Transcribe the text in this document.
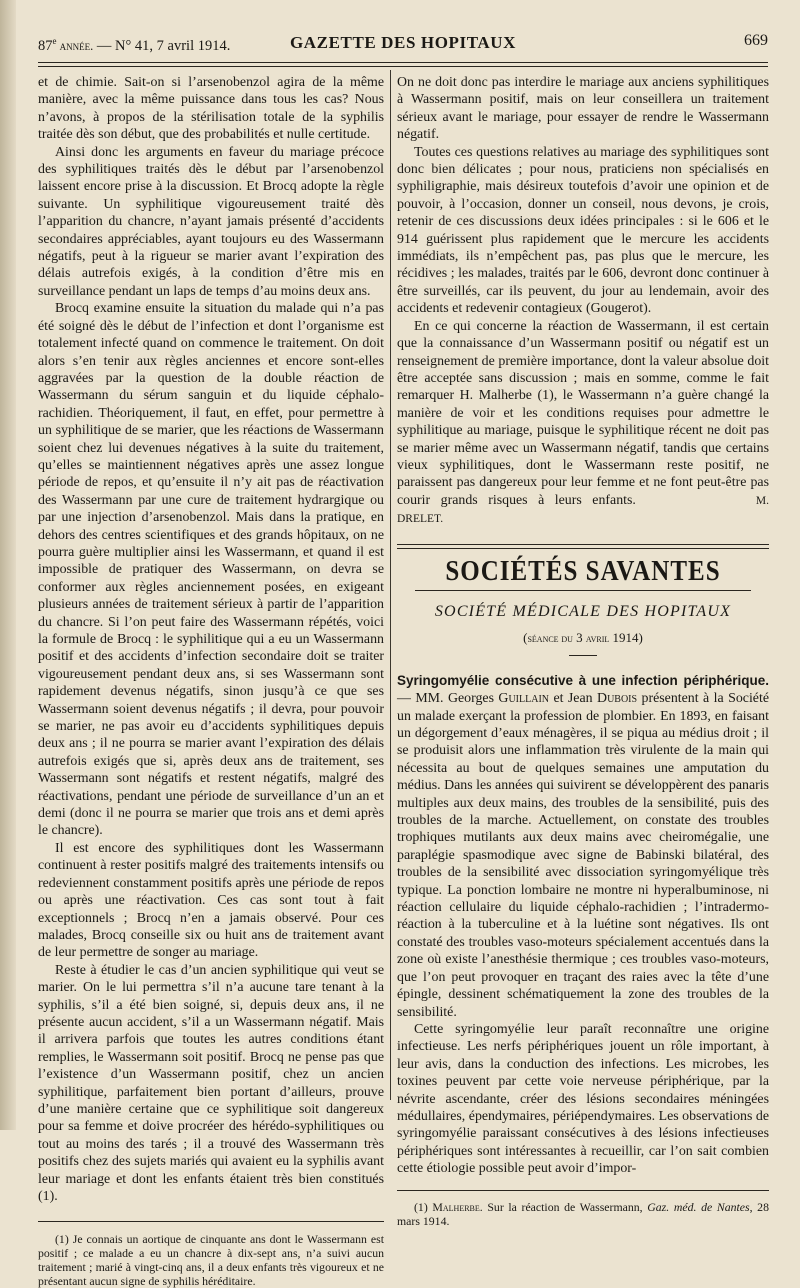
87e année. — N° 41, 7 avril 1914.	GAZETTE DES HOPITAUX	669

et de chimie. Sait-on si l’arsenobenzol agira de la même manière, avec la même puissance dans tous les cas? Nous n’avons, à propos de la stérilisation totale de la syphilis traitée dès son début, que des probabilités et nulle certitude.

Ainsi donc les arguments en faveur du mariage précoce des syphilitiques traités dès le début par l’arsenobenzol laissent encore prise à la discussion. Et Brocq adopte la règle suivante. Un syphilitique vigoureusement traité dès l’apparition du chancre, n’ayant jamais présenté d’accidents secondaires appréciables, ayant toujours eu des Wassermann négatifs, peut à la rigueur se marier avant l’expiration des délais autrefois exigés, à la condition d’être mis en surveillance pendant un laps de temps d’au moins deux ans.

Brocq examine ensuite la situation du malade qui n’a pas été soigné dès le début de l’infection et dont l’organisme est totalement infecté quand on commence le traitement. On doit alors s’en tenir aux règles anciennes et encore sont-elles aggravées par la question de la double réaction de Wassermann du sérum sanguin et du liquide céphalo-rachidien. Théoriquement, il faut, en effet, pour permettre à un syphilitique de se marier, que les réactions de Wassermann soient chez lui devenues négatives à la suite du traitement, qu’elles se maintiennent négatives après une assez longue période de repos, et qu’ensuite il n’y ait pas de réactivation des Wassermann par une cure de traitement hydrargique ou par une injection d’arsenobenzol. Mais dans la pratique, en dehors des centres scientifiques et des grands hôpitaux, on ne pourra guère multiplier ainsi les Wassermann, et quand il est impossible de pratiquer des Wassermann, on devra se conformer aux règles anciennement posées, en exigeant plusieurs années de traitement sérieux à partir de l’apparition du chancre. Si l’on peut faire des Wassermann répétés, voici la formule de Brocq : le syphilitique qui a eu un Wassermann positif et des accidents d’infection secondaire doit se traiter vigoureusement pendant deux ans, si ses Wassermann sont rapidement devenus négatifs, sinon jusqu’à ce que ses Wassermann soient devenus négatifs ; il devra, pour pouvoir se marier, ne pas avoir eu d’accidents syphilitiques depuis deux ans ; il ne pourra se marier avant l’expiration des délais autrefois exigés que si, après deux ans de traitement, ses Wassermann sont négatifs et restent négatifs, malgré des réactivations, pendant une période de surveillance d’un an et demi (donc il ne pourra se marier que trois ans et demi après le chancre).

Il est encore des syphilitiques dont les Wassermann continuent à rester positifs malgré des traitements intensifs ou redeviennent constamment positifs après une période de repos ou après une réactivation. Ces cas sont tout à fait exceptionnels ; Brocq n’en a jamais observé. Pour ces malades, Brocq conseille six ou huit ans de traitement avant de leur permettre de songer au mariage.

Reste à étudier le cas d’un ancien syphilitique qui veut se marier. On le lui permettra s’il n’a aucune tare tenant à la syphilis, s’il a été bien soigné, si, depuis deux ans, il ne présente aucun accident, s’il a un Wassermann négatif. Mais il arrivera parfois que toutes les autres conditions étant remplies, le Wassermann soit positif. Brocq ne pense pas que l’existence d’un Wassermann positif, chez un ancien syphilitique, parfaitement bien portant d’ailleurs, prouve d’une manière certaine que ce syphilitique soit dangereux pour sa femme et doive procréer des hérédo-syphilitiques ou tout au moins des tarés ; il a trouvé des Wassermann très positifs chez des sujets mariés qui avaient eu la syphilis avant leur mariage et dont les enfants étaient très bien constitués (1).

(1) Je connais un aortique de cinquante ans dont le Wassermann est positif ; ce malade a eu un chancre à dix-sept ans, n’a suivi aucun traitement ; marié à vingt-cinq ans, il a deux enfants très vigoureux et ne présentant aucun signe de syphilis héréditaire.

On ne doit donc pas interdire le mariage aux anciens syphilitiques à Wassermann positif, mais on leur conseillera un traitement sérieux avant le mariage, pour essayer de rendre le Wassermann négatif.

Toutes ces questions relatives au mariage des syphilitiques sont donc bien délicates ; pour nous, praticiens non spécialisés en syphiligraphie, mais désireux toutefois d’avoir une opinion et de pouvoir, à l’occasion, donner un conseil, nous devons, je crois, retenir de ces discussions deux idées principales : si le 606 et le 914 guérissent plus rapidement que le mercure les accidents immédiats, ils n’empêchent pas, pas plus que le mercure, les récidives ; les malades, traités par le 606, devront donc continuer à être surveillés, car ils peuvent, du jour au lendemain, avoir des accidents et redevenir contagieux (Gougerot).

En ce qui concerne la réaction de Wassermann, il est certain que la connaissance d’un Wassermann positif ou négatif est un renseignement de première importance, dont la valeur absolue doit être acceptée sans discussion ; mais en somme, comme le fait remarquer H. Malherbe (1), le Wassermann n’a guère changé la manière de voir et les conditions requises pour admettre le syphilitique au mariage, puisque le syphilitique récent ne doit pas se marier même avec un Wassermann négatif, tandis que certains vieux syphilitiques, dont le Wassermann reste positif, ne paraissent pas dangereux pour leur femme et ne font peut-être pas courir grands risques à leurs enfants.	M. DRELET.

SOCIÉTÉS SAVANTES
SOCIÉTÉ MÉDICALE DES HOPITAUX
(séance du 3 avril 1914)

Syringomyélie consécutive à une infection périphérique. — MM. Georges Guillain et Jean Dubois présentent à la Société un malade exerçant la profession de plombier. En 1893, en faisant un dégorgement d’eaux ménagères, il se piqua au médius droit ; il se produisit alors une inflammation très virulente de la main qui nécessita au bout de quelques semaines une amputation du médius. Dans les années qui suivirent se développèrent des panaris multiples aux deux mains, des troubles de la sensibilité, puis des troubles de la marche. Actuellement, on constate des troubles trophiques mutilants aux deux mains avec cheiromégalie, une paraplégie spasmodique avec signe de Babinski bilatéral, des troubles de la sensibilité avec dissociation syringomyélique très typique. La ponction lombaire ne montre ni hyperalbuminose, ni réaction cellulaire du liquide céphalo-rachidien ; l’intradermo-réaction à la tuberculine et à la luétine sont négatives. Ils ont constaté des troubles vaso-moteurs spécialement accentués dans la zone où existe l’anesthésie thermique ; ces troubles vaso-moteurs, que l’on peut provoquer en traçant des raies avec la tête d’une épingle, dessinent schématiquement la zone des troubles de la sensibilité.

Cette syringomyélie leur paraît reconnaître une origine infectieuse. Les nerfs périphériques jouent un rôle important, à leur avis, dans la conduction des infections. Les microbes, les toxines peuvent par cette voie nerveuse périphérique, par la névrite ascendante, créer des lésions secondaires méningées médullaires, épendymaires, périépendymaires. Les observations de syringomyélie paraissant consécutives à des lésions infectieuses périphériques sont intéressantes à recueillir, car l’on sait combien cette étiologie possible peut avoir d’impor-

(1) Malherbe. Sur la réaction de Wassermann, Gaz. méd. de Nantes, 28 mars 1914.
